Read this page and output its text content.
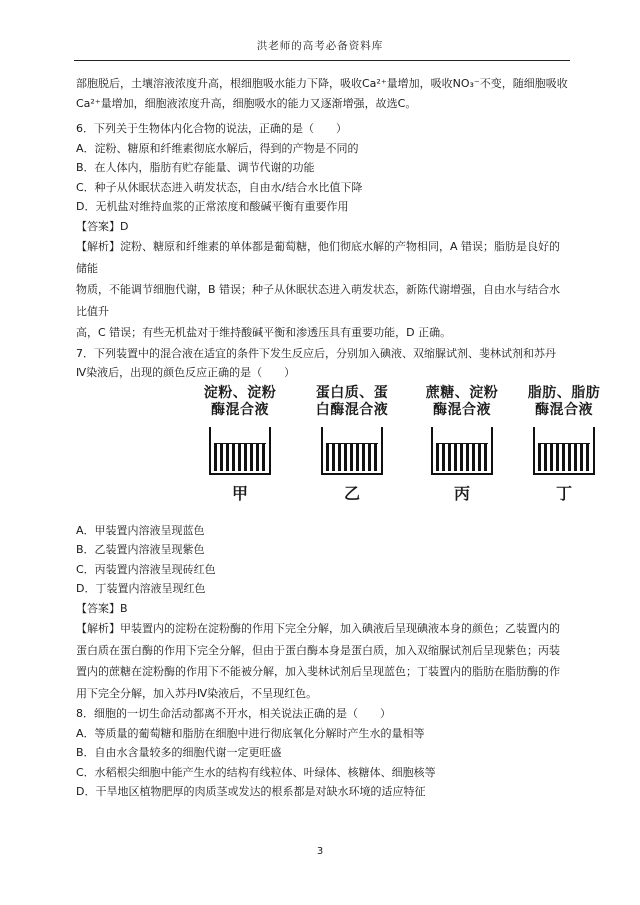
洪老师的高考必备资料库

部胞脱后，土壤溶液浓度升高，根细胞吸水能力下降，吸收Ca²⁺量增加，吸收NO₃⁻不变，随细胞吸收

Ca²⁺量增加，细胞液浓度升高，细胞吸水的能力又逐渐增强，故选C。

6．下列关于生物体内化合物的说法，正确的是（　　）

A．淀粉、糖原和纤维素彻底水解后，得到的产物是不同的

B．在人体内，脂肪有贮存能量、调节代谢的功能

C．种子从休眠状态进入萌发状态，自由水/结合水比值下降

D．无机盐对维持血浆的正常浓度和酸碱平衡有重要作用

【答案】D

【解析】淀粉、糖原和纤维素的单体都是葡萄糖，他们彻底水解的产物相同，A 错误；脂肪是良好的储能

物质，不能调节细胞代谢，B 错误；种子从休眠状态进入萌发状态，新陈代谢增强，自由水与结合水比值升

高，C 错误；有些无机盐对于维持酸碱平衡和渗透压具有重要功能，D 正确。

7．下列装置中的混合液在适宜的条件下发生反应后，分别加入碘液、双缩脲试剂、斐林试剂和苏丹

Ⅳ染液后，出现的颜色反应正确的是（　　）

淀粉、淀粉
酶混合液
甲
蛋白质、蛋
白酶混合液
乙
蔗糖、淀粉
酶混合液
丙
脂肪、脂肪
酶混合液
丁

A．甲装置内溶液呈现蓝色

B．乙装置内溶液呈现紫色

C．丙装置内溶液呈现砖红色

D．丁装置内溶液呈现红色

【答案】B

【解析】甲装置内的淀粉在淀粉酶的作用下完全分解，加入碘液后呈现碘液本身的颜色；乙装置内的

蛋白质在蛋白酶的作用下完全分解，但由于蛋白酶本身是蛋白质，加入双缩脲试剂后呈现紫色；丙装

置内的蔗糖在淀粉酶的作用下不能被分解，加入斐林试剂后呈现蓝色；丁装置内的脂肪在脂肪酶的作

用下完全分解，加入苏丹Ⅳ染液后，不呈现红色。

8．细胞的一切生命活动都离不开水，相关说法正确的是（　　）

A．等质量的葡萄糖和脂肪在细胞中进行彻底氧化分解时产生水的量相等

B．自由水含量较多的细胞代谢一定更旺盛

C．水稻根尖细胞中能产生水的结构有线粒体、叶绿体、核糖体、细胞核等

D．干旱地区植物肥厚的肉质茎或发达的根系都是对缺水环境的适应特征

3
